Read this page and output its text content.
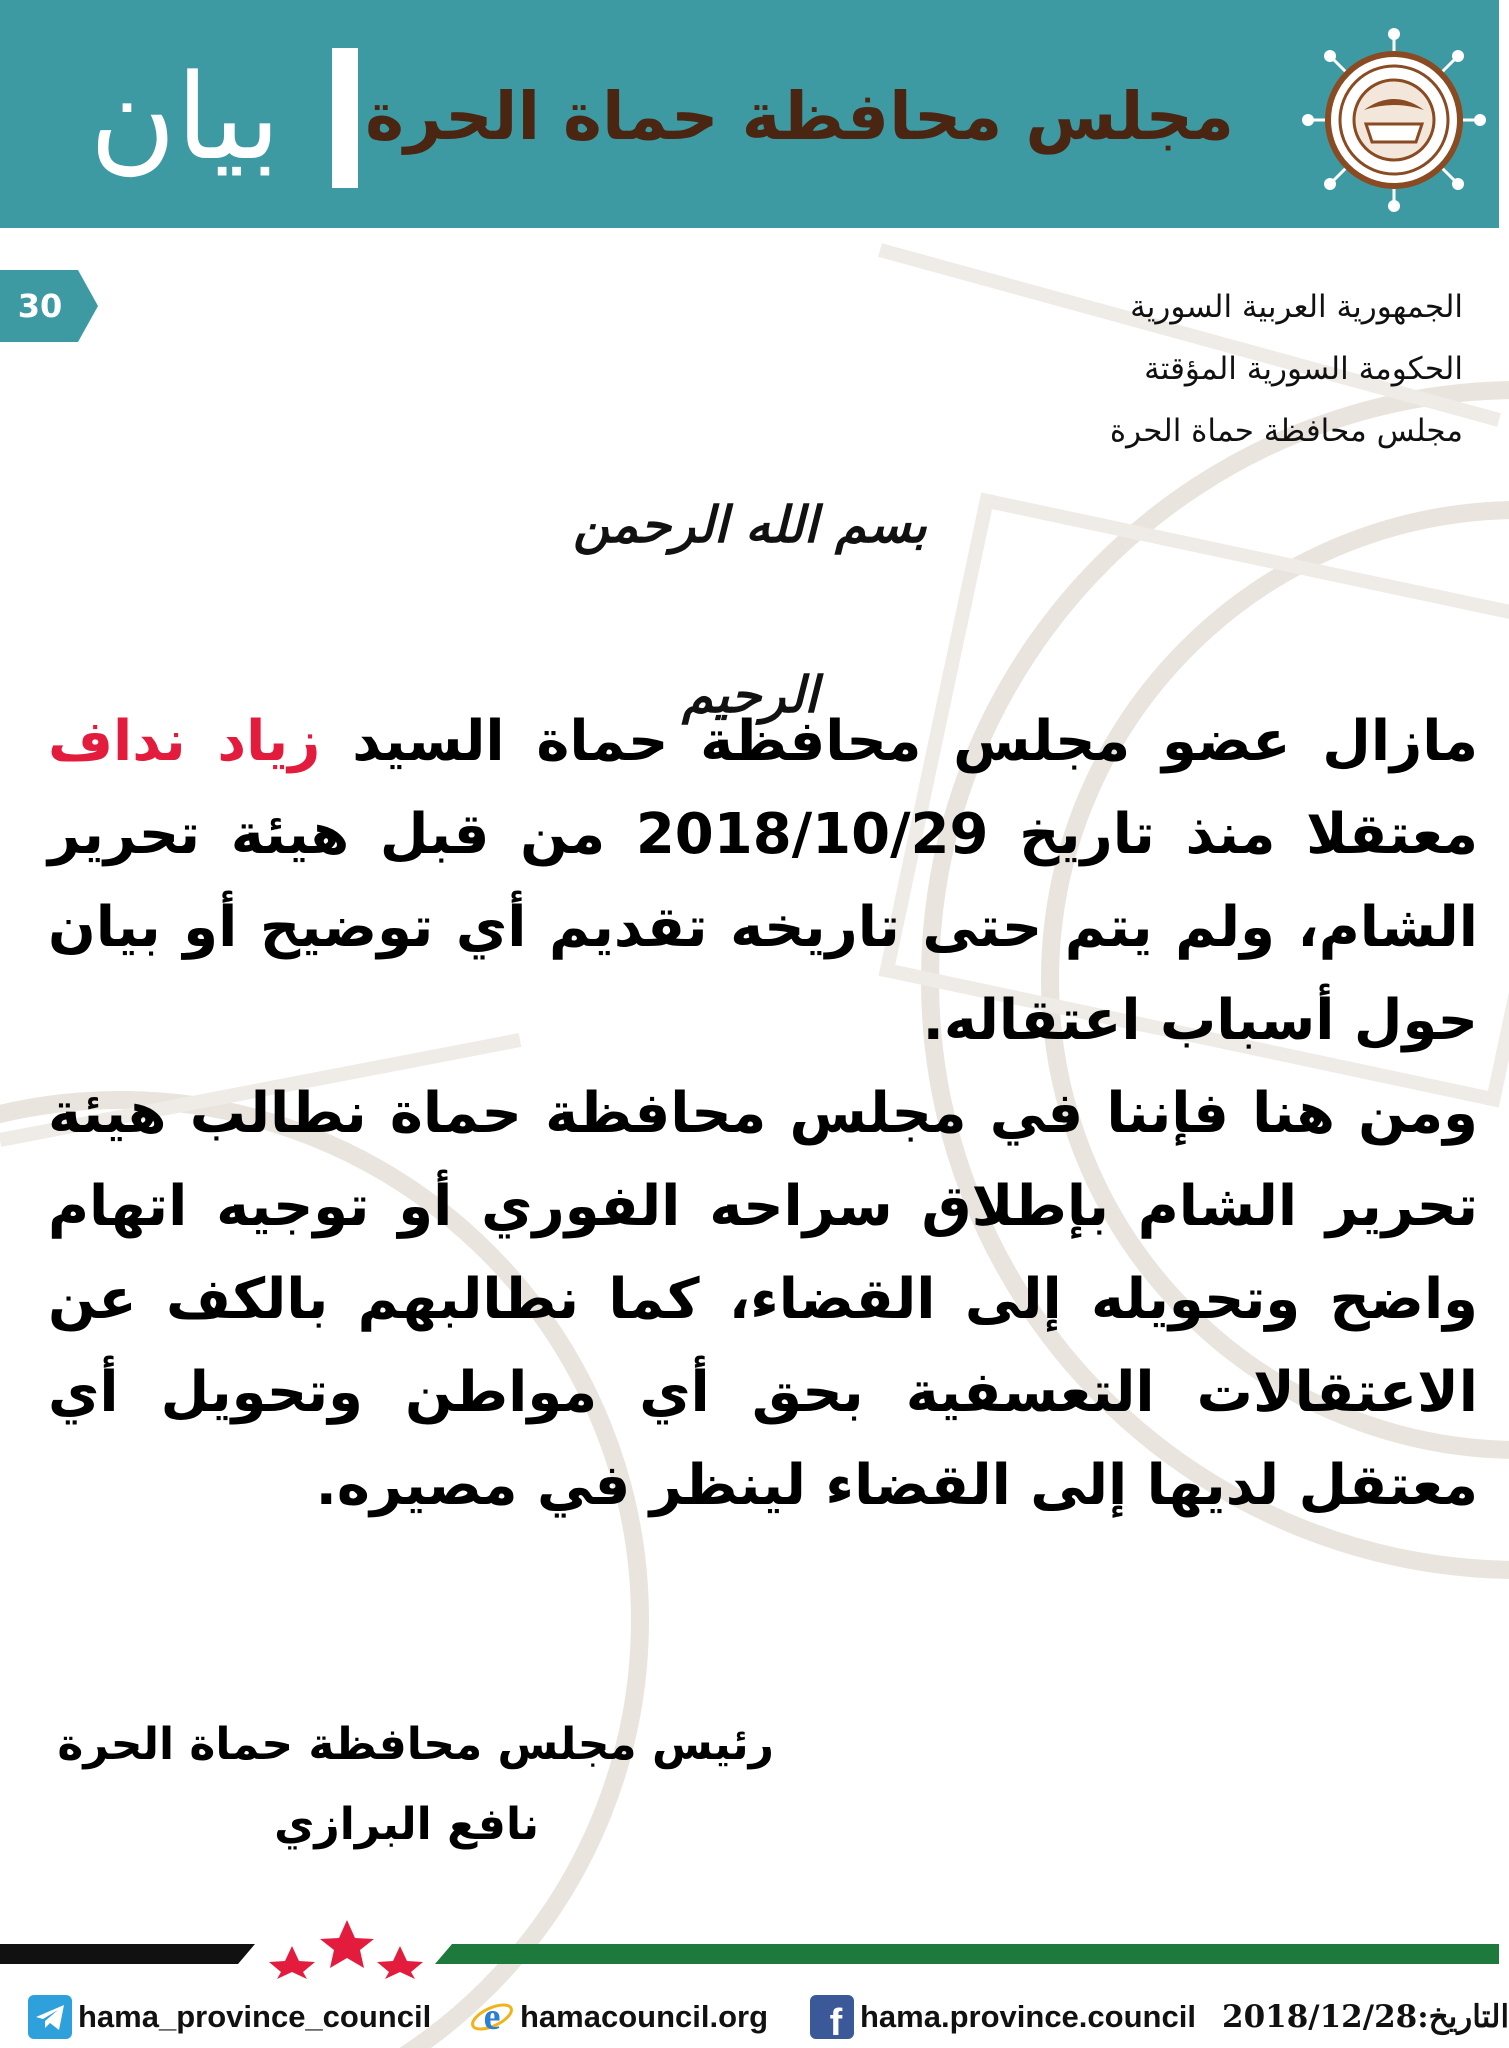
بيان	مجلس محافظة حماة الحرة
30	الجمهورية العربية السورية
الحكومة السورية المؤقتة
مجلس محافظة حماة الحرة
بسم الله الرحمن الرحيم

مازال عضو مجلس محافظة حماة السيد زياد نداف معتقلا منذ تاريخ 2018/10/29 من قبل هيئة تحرير الشام، ولم يتم حتى تاريخه تقديم أي توضيح أو بيان حول أسباب اعتقاله.

ومن هنا فإننا في مجلس محافظة حماة نطالب هيئة تحرير الشام بإطلاق سراحه الفوري أو توجيه اتهام واضح وتحويله إلى القضاء، كما نطالبهم بالكف عن الاعتقالات التعسفية بحق أي مواطن وتحويل أي معتقل لديها إلى القضاء لينظر في مصيره.

رئيس مجلس محافظة حماة الحرة
نافع البرازي
hama_province_council e hamacouncil.org f hama.province.council التاريخ:2018/12/28
